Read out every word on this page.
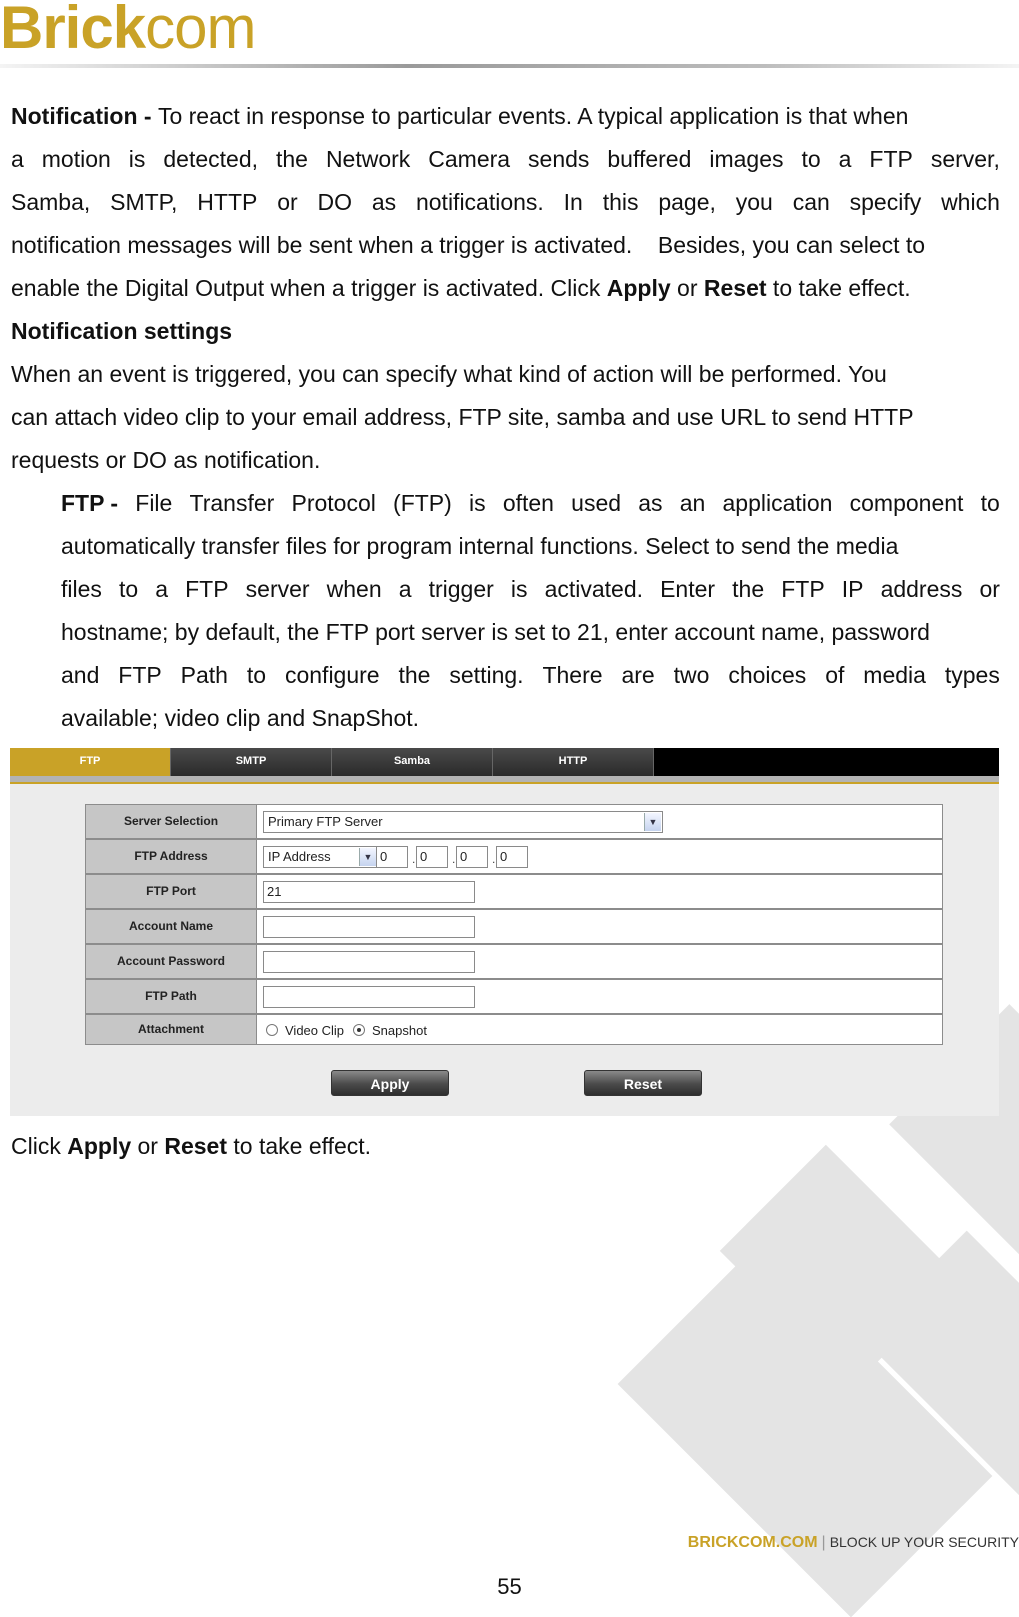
Brickcom
Notification - To react in response to particular events. A typical application is that when
a motion is detected, the Network Camera sends buffered images to a FTP server,
Samba, SMTP, HTTP or DO as notifications. In this page, you can specify which
notification messages will be sent when a trigger is activated.    Besides, you can select to
enable the Digital Output when a trigger is activated. Click Apply or Reset to take effect.
Notification settings
When an event is triggered, you can specify what kind of action will be performed. You
can attach video clip to your email address, FTP site, samba and use URL to send HTTP
requests or DO as notification.
FTP - File Transfer Protocol (FTP) is often used as an application component to
automatically transfer files for program internal functions. Select to send the media
files to a FTP server when a trigger is activated. Enter the FTP IP address or
hostname; by default, the FTP port server is set to 21, enter account name, password
and FTP Path to configure the setting. There are two choices of media types
available; video clip and SnapShot.
FTP	SMTP	Samba	HTTP
Server Selection	Primary FTP Server	▼
FTP Address	IP Address	▼ 0	. 0	. 0	. 0
FTP Port	21
Account Name
Account Password
FTP Path
Attachment	Video Clip Snapshot
Apply	Reset
Click Apply or Reset to take effect.
BRICKCOM.COM | BLOCK UP YOUR SECURITY
55
